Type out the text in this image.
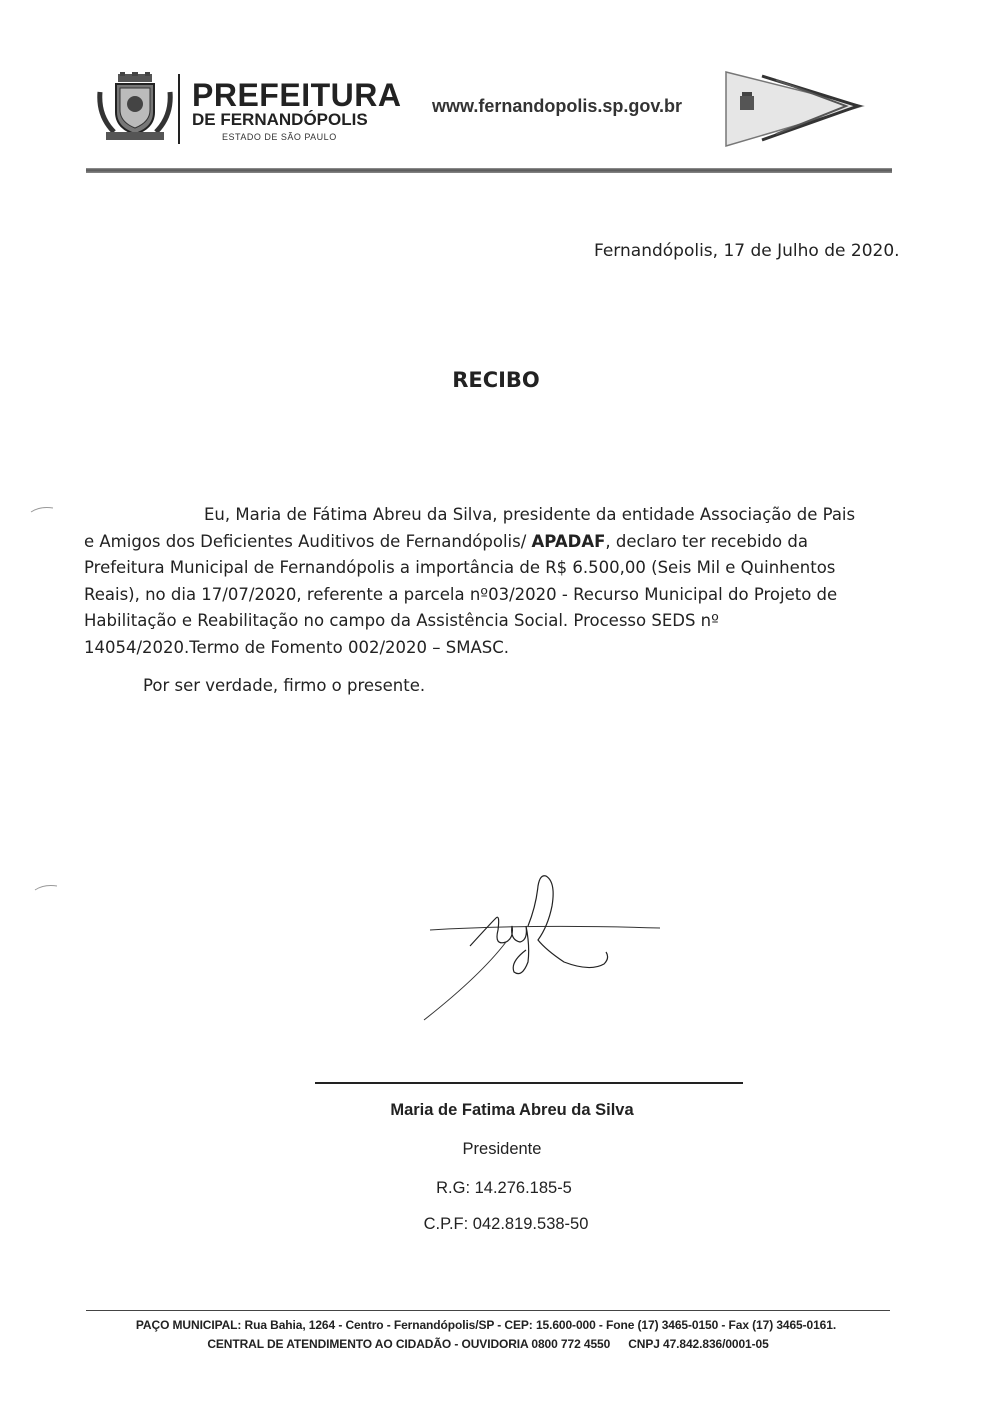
PREFEITURA
DE FERNANDÓPOLIS
ESTADO DE SÃO PAULO
www.fernandopolis.sp.gov.br
Fernandópolis, 17 de Julho de 2020.
RECIBO
Eu, Maria de Fátima Abreu da Silva, presidente da entidade Associação de Pais e Amigos dos Deficientes Auditivos de Fernandópolis/ APADAF, declaro ter recebido da Prefeitura Municipal de Fernandópolis a importância de R$ 6.500,00 (Seis Mil e Quinhentos Reais), no dia 17/07/2020, referente a parcela nº03/2020 - Recurso Municipal do Projeto de Habilitação e Reabilitação no campo da Assistência Social. Processo SEDS nº 14054/2020.Termo de Fomento 002/2020 – SMASC.
Por ser verdade, firmo o presente.
Maria de Fatima Abreu da Silva
Presidente
R.G: 14.276.185-5
C.P.F: 042.819.538-50
PAÇO MUNICIPAL: Rua Bahia, 1264 - Centro - Fernandópolis/SP - CEP: 15.600-000 - Fone (17) 3465-0150 - Fax (17) 3465-0161.
CENTRAL DE ATENDIMENTO AO CIDADÃO - OUVIDORIA 0800 772 4550 CNPJ 47.842.836/0001-05
